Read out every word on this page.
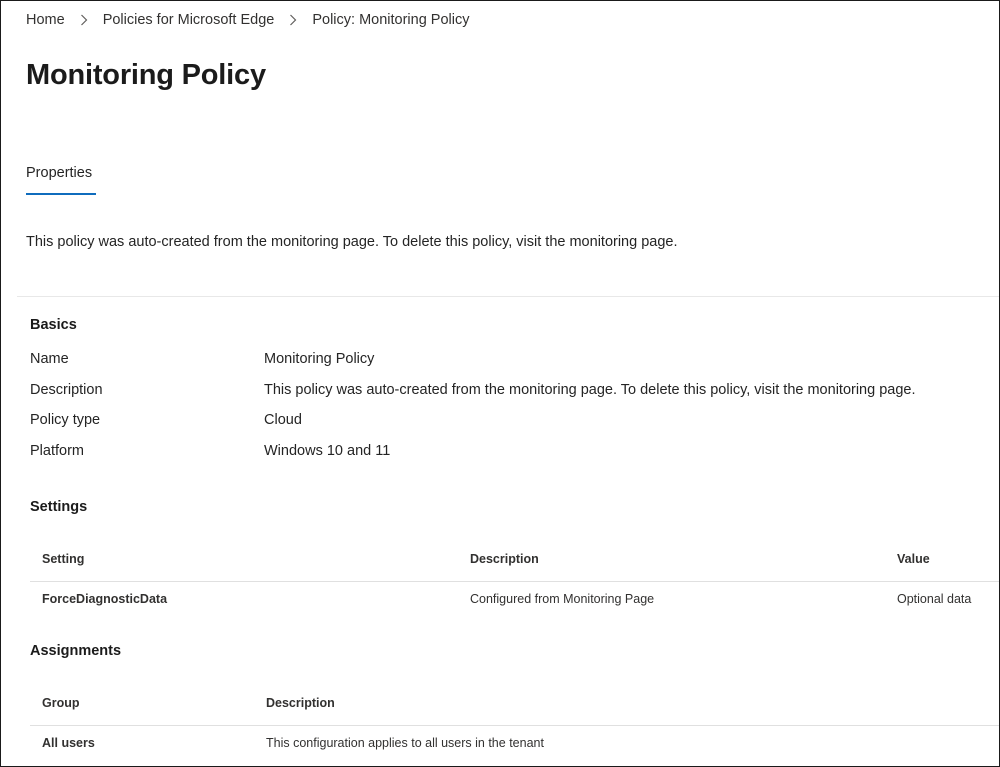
Home	Policies for Microsoft Edge	Policy: Monitoring Policy
Monitoring Policy
Properties
This policy was auto-created from the monitoring page. To delete this policy, visit the monitoring page.
Basics
Name	Monitoring Policy
Description	This policy was auto-created from the monitoring page. To delete this policy, visit the monitoring page.
Policy type	Cloud
Platform	Windows 10 and 11
Settings
Setting	Description	Value
ForceDiagnosticData	Configured from Monitoring Page	Optional data
Assignments
Group	Description
All users	This configuration applies to all users in the tenant
